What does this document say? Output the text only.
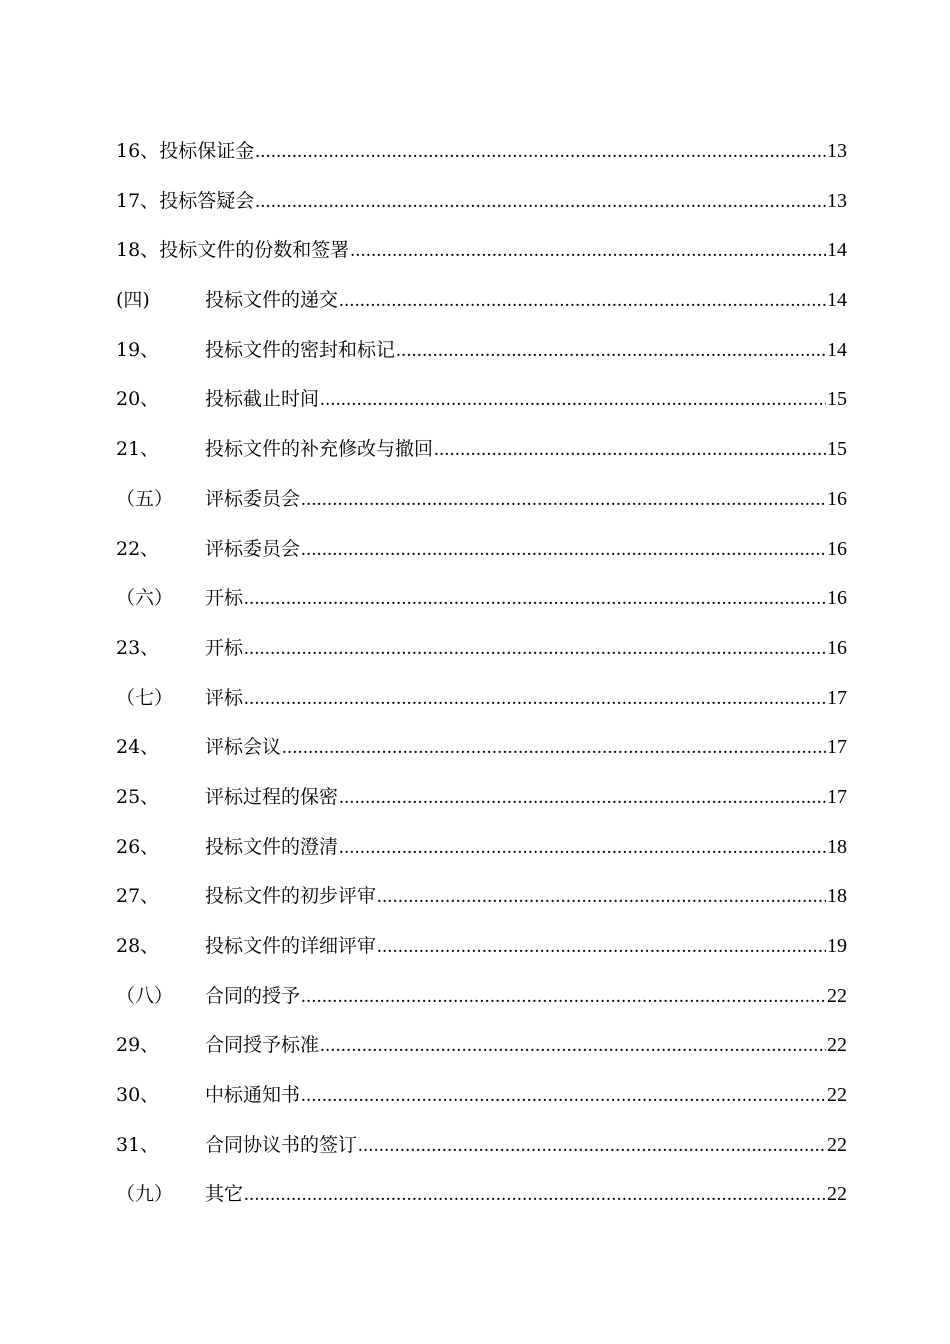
16、 投标保证金 .....	13
17、 投标答疑会 .....	13
18、 投标文件的份数和签署 .....	14
(四)	投标文件的递交 .....	14
19、	投标文件的密封和标记 .....	14
20、	投标截止时间 .....	15
21、	投标文件的补充修改与撤回 .....	15
（五）	评标委员会 .....	16
22、	评标委员会 .....	16
（六）	开标 .....	16
23、	开标 .....	16
（七）	评标 .....	17
24、	评标会议 .....	17
25、	评标过程的保密 .....	17
26、	投标文件的澄清 .....	18
27、	投标文件的初步评审 .....	18
28、	投标文件的详细评审 .....	19
（八）	合同的授予 .....	22
29、	合同授予标准 .....	22
30、	中标通知书 .....	22
31、	合同协议书的签订 .....	22
（九）	其它 .....	22
